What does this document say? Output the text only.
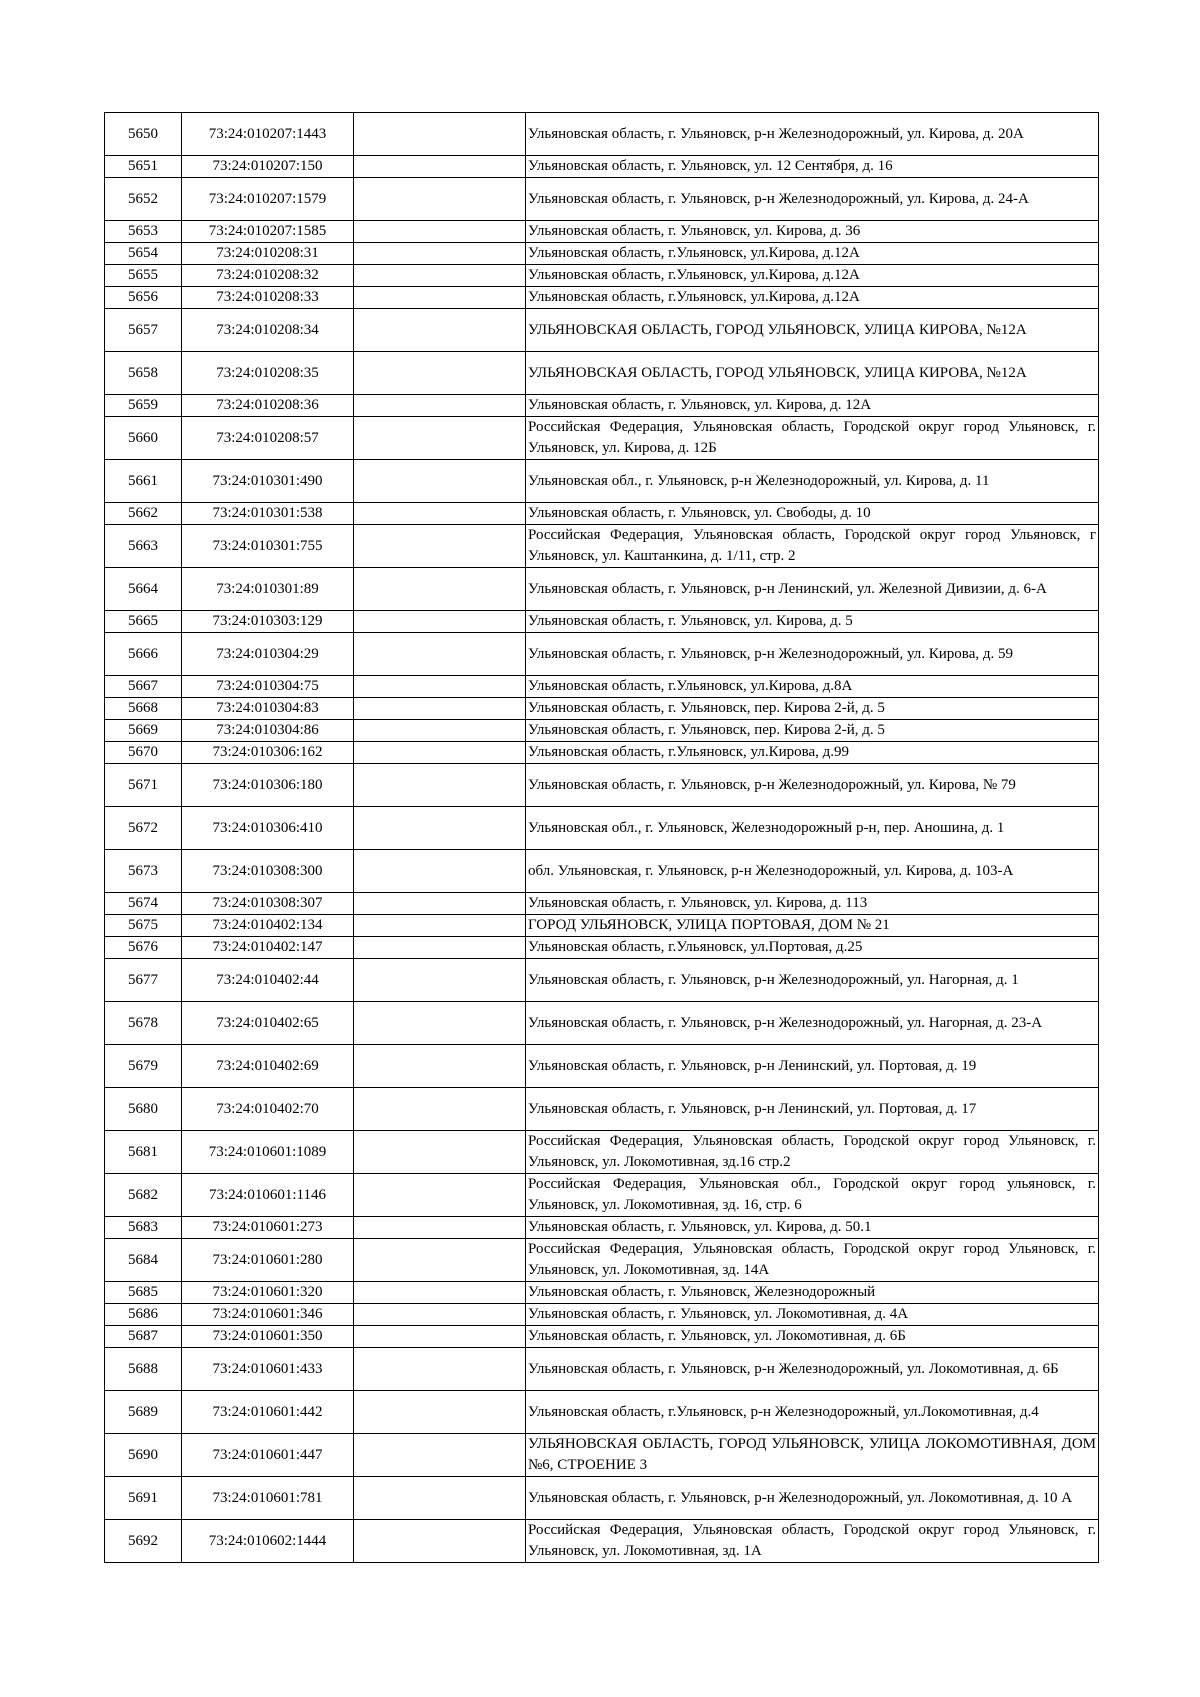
5650	73:24:010207:1443		Ульяновская область, г. Ульяновск, р-н Железнодорожный, ул. Кирова, д. 20А
5651	73:24:010207:150		Ульяновская область, г. Ульяновск, ул. 12 Сентября, д. 16
5652	73:24:010207:1579		Ульяновская область, г. Ульяновск, р-н Железнодорожный, ул. Кирова, д. 24-А
5653	73:24:010207:1585		Ульяновская область, г. Ульяновск, ул. Кирова, д. 36
5654	73:24:010208:31		Ульяновская область, г.Ульяновск, ул.Кирова, д.12А
5655	73:24:010208:32		Ульяновская область, г.Ульяновск, ул.Кирова, д.12А
5656	73:24:010208:33		Ульяновская область, г.Ульяновск, ул.Кирова, д.12А
5657	73:24:010208:34		УЛЬЯНОВСКАЯ ОБЛАСТЬ, ГОРОД УЛЬЯНОВСК, УЛИЦА КИРОВА, №12А
5658	73:24:010208:35		УЛЬЯНОВСКАЯ ОБЛАСТЬ, ГОРОД УЛЬЯНОВСК, УЛИЦА КИРОВА, №12А
5659	73:24:010208:36		Ульяновская область, г. Ульяновск, ул. Кирова, д. 12А
5660	73:24:010208:57		Российская Федерация, Ульяновская область, Городской округ город Ульяновск, г. Ульяновск, ул. Кирова, д. 12Б
5661	73:24:010301:490		Ульяновская обл., г. Ульяновск, р-н Железнодорожный, ул. Кирова, д. 11
5662	73:24:010301:538		Ульяновская область, г. Ульяновск, ул. Свободы, д. 10
5663	73:24:010301:755		Российская Федерация, Ульяновская область, Городской округ город Ульяновск, г Ульяновск, ул. Каштанкина, д. 1/11, стр. 2
5664	73:24:010301:89		Ульяновская область, г. Ульяновск, р-н Ленинский, ул. Железной Дивизии, д. 6-А
5665	73:24:010303:129		Ульяновская область, г. Ульяновск, ул. Кирова, д. 5
5666	73:24:010304:29		Ульяновская область, г. Ульяновск, р-н Железнодорожный, ул. Кирова, д. 59
5667	73:24:010304:75		Ульяновская область, г.Ульяновск, ул.Кирова, д.8А
5668	73:24:010304:83		Ульяновская область, г. Ульяновск, пер. Кирова 2-й, д. 5
5669	73:24:010304:86		Ульяновская область, г. Ульяновск, пер. Кирова 2-й, д. 5
5670	73:24:010306:162		Ульяновская область, г.Ульяновск, ул.Кирова, д.99
5671	73:24:010306:180		Ульяновская область, г. Ульяновск, р-н Железнодорожный, ул. Кирова, № 79
5672	73:24:010306:410		Ульяновская обл., г. Ульяновск, Железнодорожный р-н, пер. Аношина, д. 1
5673	73:24:010308:300		обл. Ульяновская, г. Ульяновск, р-н Железнодорожный, ул. Кирова, д. 103-А
5674	73:24:010308:307		Ульяновская область, г. Ульяновск, ул. Кирова, д. 113
5675	73:24:010402:134		ГОРОД УЛЬЯНОВСК, УЛИЦА ПОРТОВАЯ, ДОМ № 21
5676	73:24:010402:147		Ульяновская область, г.Ульяновск, ул.Портовая, д.25
5677	73:24:010402:44		Ульяновская область, г. Ульяновск, р-н Железнодорожный, ул. Нагорная, д. 1
5678	73:24:010402:65		Ульяновская область, г. Ульяновск, р-н Железнодорожный, ул. Нагорная, д. 23-А
5679	73:24:010402:69		Ульяновская область, г. Ульяновск, р-н Ленинский, ул. Портовая, д. 19
5680	73:24:010402:70		Ульяновская область, г. Ульяновск, р-н Ленинский, ул. Портовая, д. 17
5681	73:24:010601:1089		Российская Федерация, Ульяновская область, Городской округ город Ульяновск, г. Ульяновск, ул. Локомотивная, зд.16 стр.2
5682	73:24:010601:1146		Российская Федерация, Ульяновская обл., Городской округ город ульяновск, г. Ульяновск, ул. Локомотивная, зд. 16, стр. 6
5683	73:24:010601:273		Ульяновская область, г. Ульяновск, ул. Кирова, д. 50.1
5684	73:24:010601:280		Российская Федерация, Ульяновская область, Городской округ город Ульяновск, г. Ульяновск, ул. Локомотивная, зд. 14А
5685	73:24:010601:320		Ульяновская область, г. Ульяновск, Железнодорожный
5686	73:24:010601:346		Ульяновская область, г. Ульяновск, ул. Локомотивная, д. 4А
5687	73:24:010601:350		Ульяновская область, г. Ульяновск, ул. Локомотивная, д. 6Б
5688	73:24:010601:433		Ульяновская область, г. Ульяновск, р-н Железнодорожный, ул. Локомотивная, д. 6Б
5689	73:24:010601:442		Ульяновская область, г.Ульяновск, р-н Железнодорожный, ул.Локомотивная, д.4
5690	73:24:010601:447		УЛЬЯНОВСКАЯ ОБЛАСТЬ, ГОРОД УЛЬЯНОВСК, УЛИЦА ЛОКОМОТИВНАЯ, ДОМ №6, СТРОЕНИЕ 3
5691	73:24:010601:781		Ульяновская область, г. Ульяновск, р-н Железнодорожный, ул. Локомотивная, д. 10 А
5692	73:24:010602:1444		Российская Федерация, Ульяновская область, Городской округ город Ульяновск, г. Ульяновск, ул. Локомотивная, зд. 1А
